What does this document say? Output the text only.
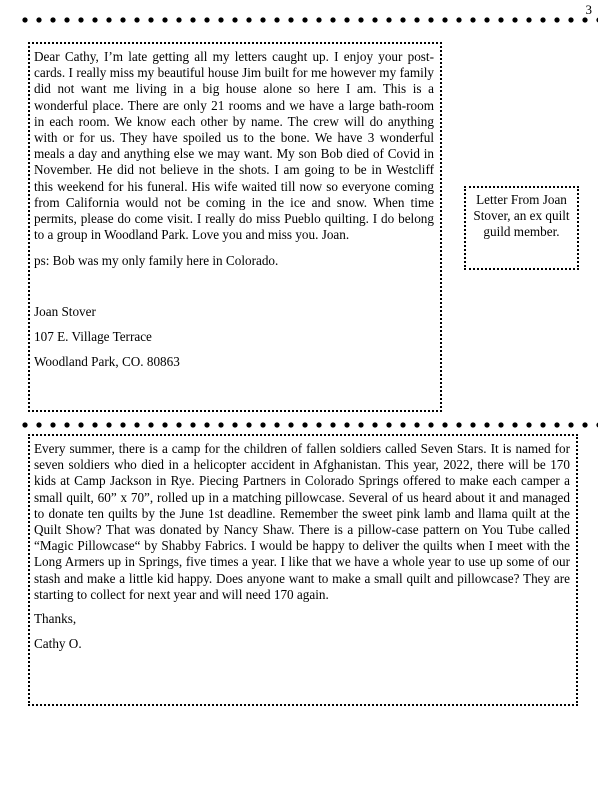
3

Dear Cathy, I’m late getting all my letters caught up. I enjoy your post-cards. I really miss my beautiful house Jim built for me however my family did not want me living in a big house alone so here I am. This is a wonderful place. There are only 21 rooms and we have a large bath-room in each room. We know each other by name. The crew will do anything with or for us. They have spoiled us to the bone. We have 3 wonderful meals a day and anything else we may want. My son Bob died of Covid in November. He did not believe in the shots. I am going to be in Westcliff this weekend for his funeral. His wife waited till now so everyone coming from California would not be coming in the ice and snow. When time permits, please do come visit. I really do miss Pueblo quilting. I do belong to a group in Woodland Park. Love you and miss you. Joan.

ps: Bob was my only family here in Colorado.

Joan Stover

107 E. Village Terrace

Woodland Park, CO. 80863

Letter From Joan Stover, an ex quilt guild member.

Every summer, there is a camp for the children of fallen soldiers called Seven Stars. It is named for seven soldiers who died in a helicopter accident in Afghanistan. This year, 2022, there will be 170 kids at Camp Jackson in Rye. Piecing Partners in Colorado Springs offered to make each camper a small quilt, 60” x 70”, rolled up in a matching pillowcase. Several of us heard about it and managed to donate ten quilts by the June 1st deadline. Remember the sweet pink lamb and llama quilt at the Quilt Show? That was donated by Nancy Shaw. There is a pillow-case pattern on You Tube called “Magic Pillowcase“ by Shabby Fabrics. I would be happy to deliver the quilts when I meet with the Long Armers up in Springs, five times a year. I like that we have a whole year to use up some of our stash and make a little kid happy. Does anyone want to make a small quilt and pillowcase? They are starting to collect for next year and will need 170 again.

Thanks,

Cathy O.
